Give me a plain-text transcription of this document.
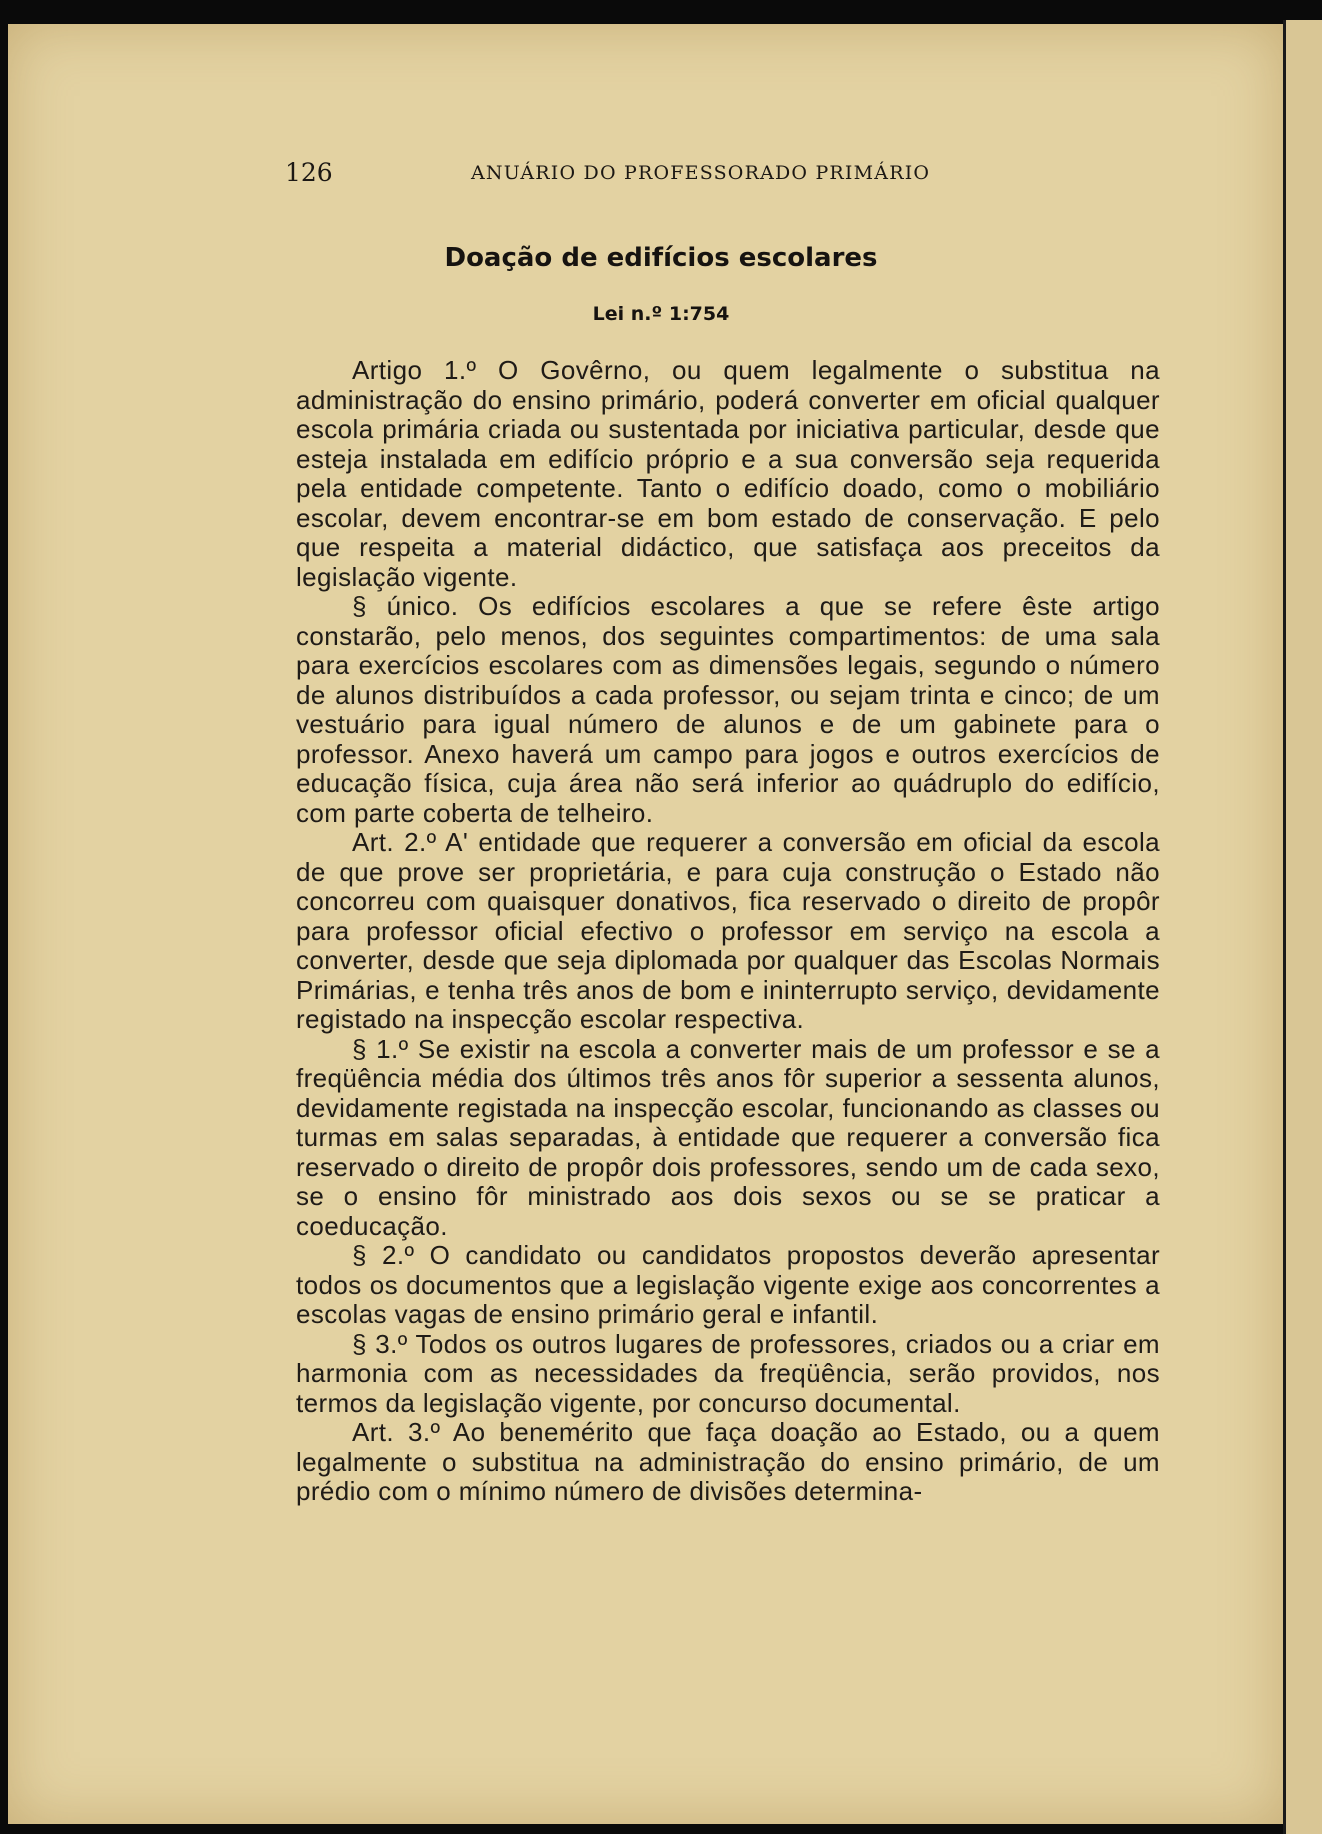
126	ANUÁRIO DO PROFESSORADO PRIMÁRIO
Doação de edifícios escolares
Lei n.º 1:754

Artigo 1.º O Govêrno, ou quem legalmente o substitua na administração do ensino primário, poderá converter em oficial qualquer escola primária criada ou sustentada por iniciativa particular, desde que esteja instalada em edifício próprio e a sua conversão seja requerida pela entidade competente. Tanto o edifício doado, como o mobiliário escolar, devem encontrar-se em bom estado de conservação. E pelo que respeita a material didáctico, que satisfaça aos preceitos da legislação vigente.

§ único. Os edifícios escolares a que se refere êste artigo constarão, pelo menos, dos seguintes compartimentos: de uma sala para exercícios escolares com as dimensões legais, segundo o número de alunos distribuídos a cada professor, ou sejam trinta e cinco; de um vestuário para igual número de alunos e de um gabinete para o professor. Anexo haverá um campo para jogos e outros exercícios de educação física, cuja área não será inferior ao quádruplo do edifício, com parte coberta de telheiro.

Art. 2.º A' entidade que requerer a conversão em oficial da escola de que prove ser proprietária, e para cuja construção o Estado não concorreu com quaisquer donativos, fica reservado o direito de propôr para professor oficial efectivo o professor em serviço na escola a converter, desde que seja diplomada por qualquer das Escolas Normais Primárias, e tenha três anos de bom e ininterrupto serviço, devidamente registado na inspecção escolar respectiva.

§ 1.º Se existir na escola a converter mais de um professor e se a freqüência média dos últimos três anos fôr superior a sessenta alunos, devidamente registada na inspecção escolar, funcionando as classes ou turmas em salas separadas, à entidade que requerer a conversão fica reservado o direito de propôr dois professores, sendo um de cada sexo, se o ensino fôr ministrado aos dois sexos ou se se praticar a coeducação.

§ 2.º O candidato ou candidatos propostos deverão apresentar todos os documentos que a legislação vigente exige aos concorrentes a escolas vagas de ensino primário geral e infantil.

§ 3.º Todos os outros lugares de professores, criados ou a criar em harmonia com as necessidades da freqüência, serão providos, nos termos da legislação vigente, por concurso documental.

Art. 3.º Ao benemérito que faça doação ao Estado, ou a quem legalmente o substitua na administração do ensino primário, de um prédio com o mínimo número de divisões determina-
